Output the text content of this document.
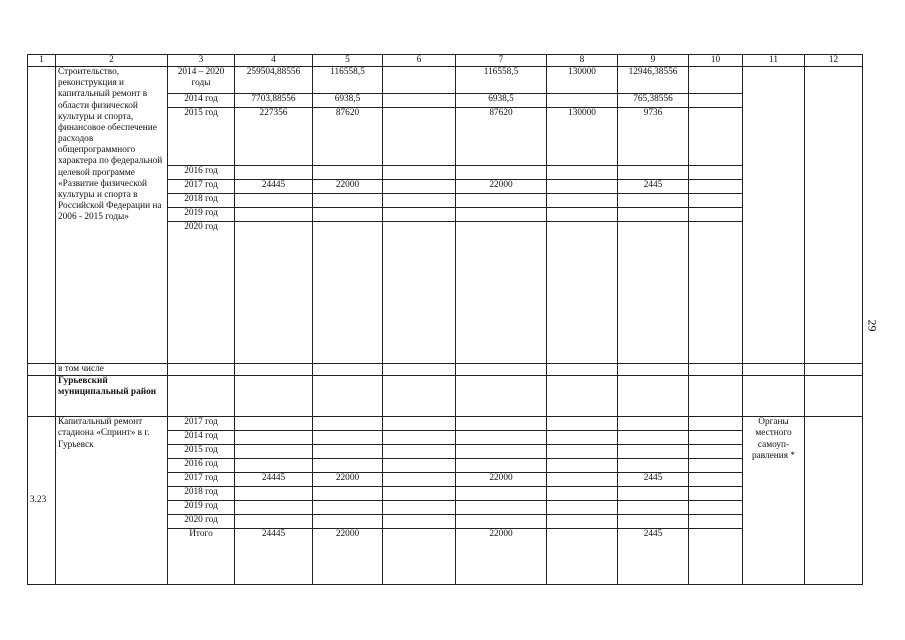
1	2	3	4	5	6	7	8	9	10	11	12
	Строительство, реконструкция и капитальный ремонт в области физической культуры и спорта, финансовое обеспечение расходов общепрограммного характера по федеральной целевой программе «Развитие физической культуры и спорта в Российской Федерации на 2006 - 2015 годы»	2014 – 2020 годы	259504,88556	116558,5		116558,5	130000	12946,38556			
		2014 год	7703,88556	6938,5		6938,5		765,38556			
		2015 год	227356	87620		87620	130000	9736			
		2016 год									
		2017 год	24445	22000		22000		2445			
		2018 год									
		2019 год									
		2020 год									
	в том числе										
	Гурьевский муниципальный район										
3.23	Капитальный ремонт стадиона «Спринт» в г. Гурьевск	2017 год								Органы местного самоуп-равления *	
		2014 год									
		2015 год									
		2016 год									
		2017 год	24445	22000		22000		2445			
		2018 год									
		2019 год									
		2020 год									
		Итого	24445	22000		22000		2445			
29
